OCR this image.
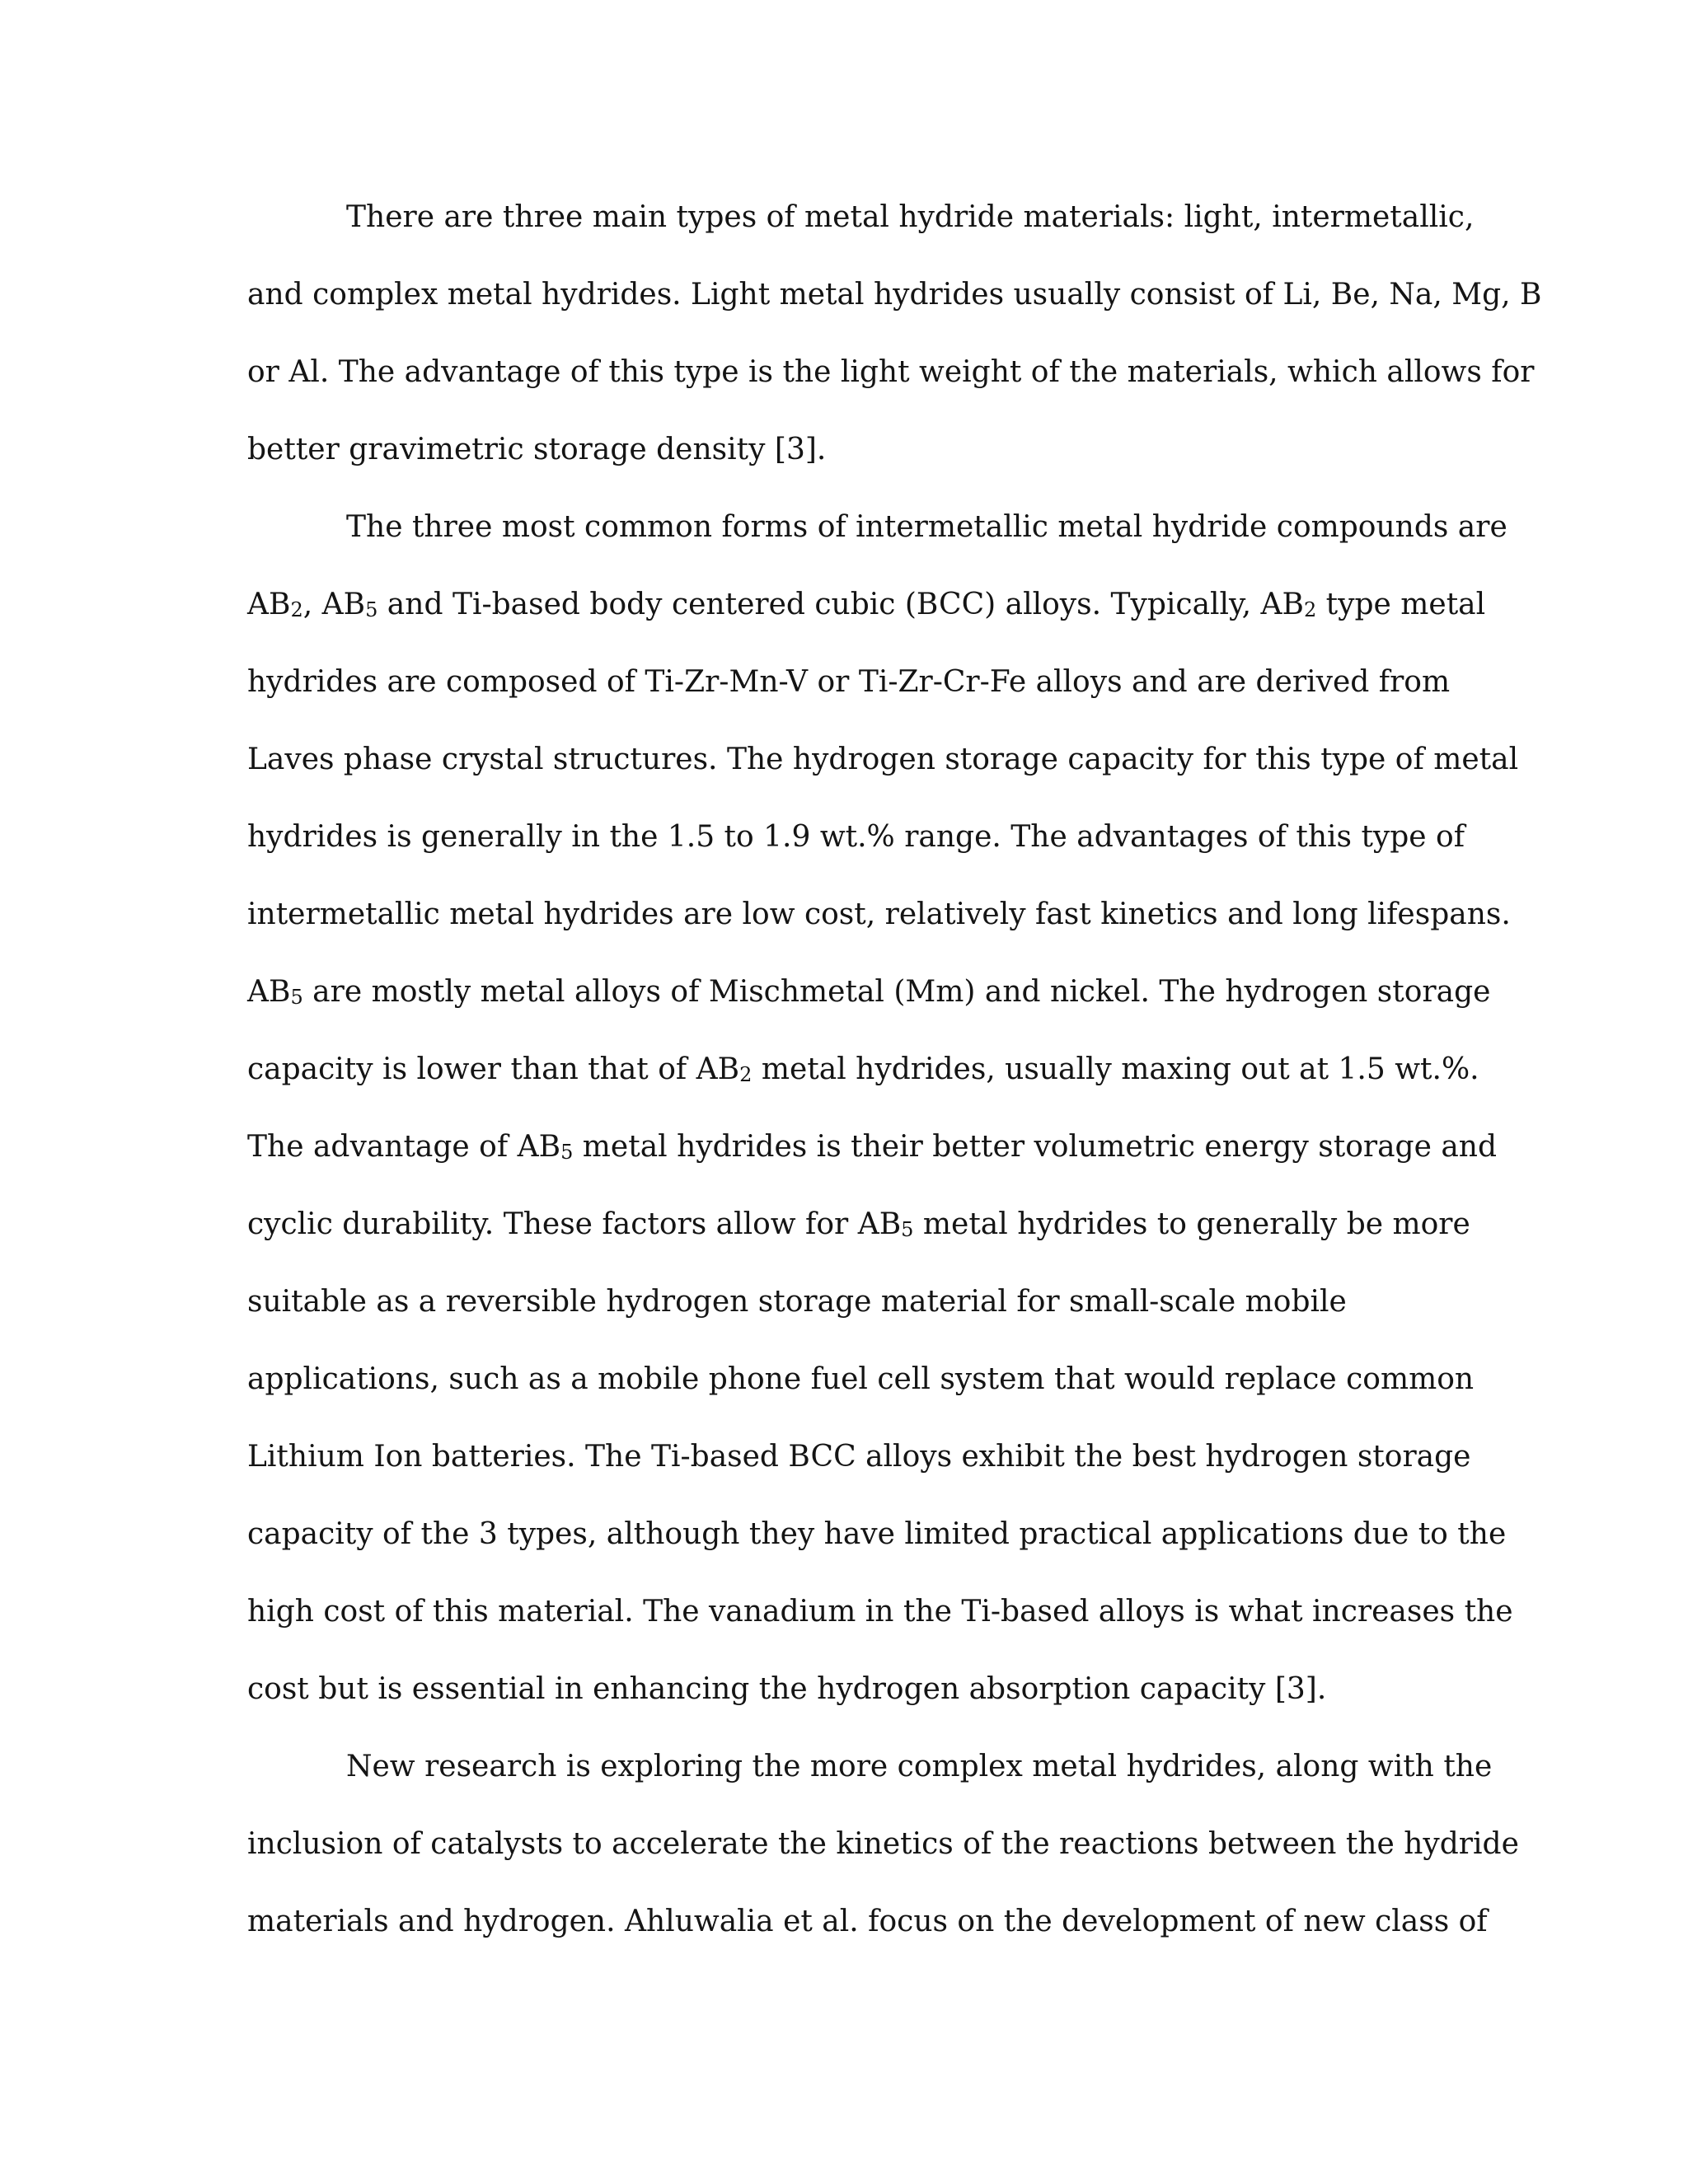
There are three main types of metal hydride materials: light, intermetallic,
and complex metal hydrides. Light metal hydrides usually consist of Li, Be, Na, Mg, B
or Al. The advantage of this type is the light weight of the materials, which allows for
better gravimetric storage density [3].
The three most common forms of intermetallic metal hydride compounds are
$AB_2$, $AB_5$ and Ti-based body centered cubic (BCC) alloys. Typically, $AB_2$ type metal
hydrides are composed of Ti-Zr-Mn-V or Ti-Zr-Cr-Fe alloys and are derived from
Laves phase crystal structures. The hydrogen storage capacity for this type of metal
hydrides is generally in the 1.5 to 1.9 wt.% range. The advantages of this type of
intermetallic metal hydrides are low cost, relatively fast kinetics and long lifespans.
$AB_5$ are mostly metal alloys of Mischmetal (Mm) and nickel. The hydrogen storage
capacity is lower than that of $AB_2$ metal hydrides, usually maxing out at 1.5 wt.%.
The advantage of $AB_5$ metal hydrides is their better volumetric energy storage and
cyclic durability. These factors allow for $AB_5$ metal hydrides to generally be more
suitable as a reversible hydrogen storage material for small-scale mobile
applications, such as a mobile phone fuel cell system that would replace common
Lithium Ion batteries. The Ti-based BCC alloys exhibit the best hydrogen storage
capacity of the 3 types, although they have limited practical applications due to the
high cost of this material. The vanadium in the Ti-based alloys is what increases the
cost but is essential in enhancing the hydrogen absorption capacity [3].
New research is exploring the more complex metal hydrides, along with the
inclusion of catalysts to accelerate the kinetics of the reactions between the hydride
materials and hydrogen. Ahluwalia et al. focus on the development of new class of
